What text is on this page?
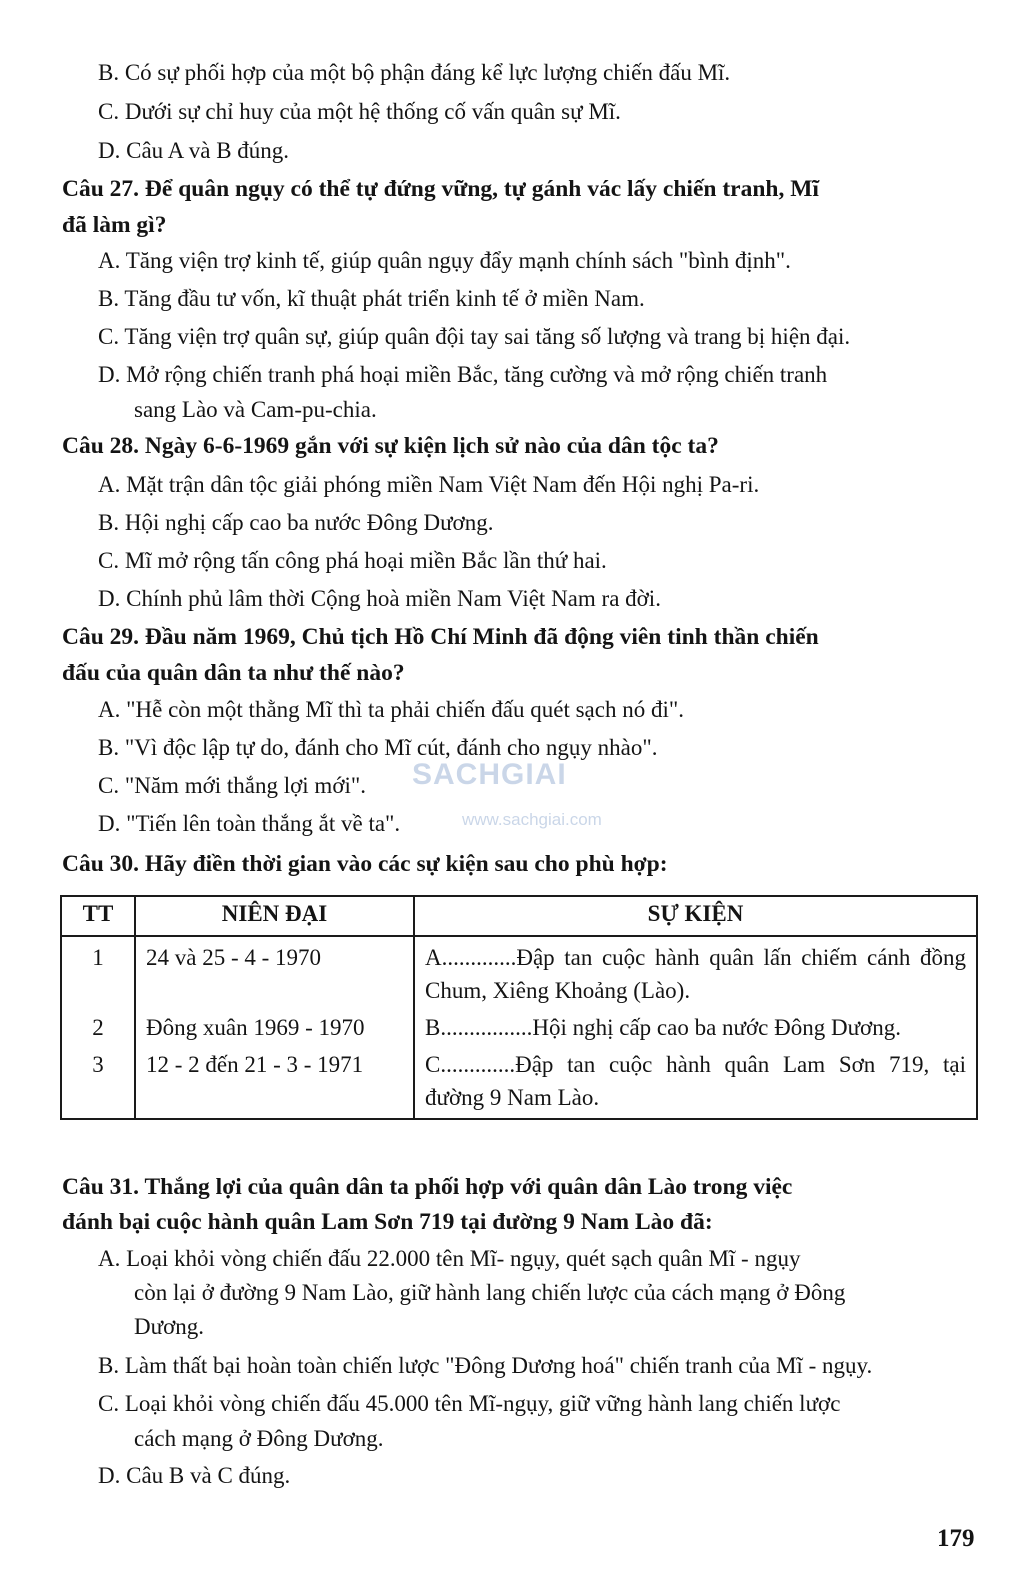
B. Có sự phối hợp của một bộ phận đáng kể lực lượng chiến đấu Mĩ.
C. Dưới sự chỉ huy của một hệ thống cố vấn quân sự Mĩ.
D. Câu A và B đúng.
Câu 27. Để quân ngụy có thể tự đứng vững, tự gánh vác lấy chiến tranh, Mĩ
đã làm gì?
A. Tăng viện trợ kinh tế, giúp quân ngụy đẩy mạnh chính sách "bình định".
B. Tăng đầu tư vốn, kĩ thuật phát triển kinh tế ở miền Nam.
C. Tăng viện trợ quân sự, giúp quân đội tay sai tăng số lượng và trang bị hiện đại.
D. Mở rộng chiến tranh phá hoại miền Bắc, tăng cường và mở rộng chiến tranh
sang Lào và Cam-pu-chia.
Câu 28. Ngày 6-6-1969 gắn với sự kiện lịch sử nào của dân tộc ta?
A. Mặt trận dân tộc giải phóng miền Nam Việt Nam đến Hội nghị Pa-ri.
B. Hội nghị cấp cao ba nước Đông Dương.
C. Mĩ mở rộng tấn công phá hoại miền Bắc lần thứ hai.
D. Chính phủ lâm thời Cộng hoà miền Nam Việt Nam ra đời.
Câu 29. Đầu năm 1969, Chủ tịch Hồ Chí Minh đã động viên tinh thần chiến
đấu của quân dân ta như thế nào?
A. "Hễ còn một thằng Mĩ thì ta phải chiến đấu quét sạch nó đi".
B. "Vì độc lập tự do, đánh cho Mĩ cút, đánh cho ngụy nhào".
C. "Năm mới thắng lợi mới".
D. "Tiến lên toàn thắng ắt về ta".
SACHGIAI
www.sachgiai.com
Câu 30. Hãy điền thời gian vào các sự kiện sau cho phù hợp:
TT	NIÊN ĐẠI	SỰ KIỆN
1	24 và 25 - 4 - 1970	A.............Đập tan cuộc hành quân lấn chiếm cánh đồng Chum, Xiêng Khoảng (Lào).
2	Đông xuân 1969 - 1970	B................Hội nghị cấp cao ba nước Đông Dương.
3	12 - 2 đến 21 - 3 - 1971	C.............Đập tan cuộc hành quân Lam Sơn 719, tại đường 9 Nam Lào.
Câu 31. Thắng lợi của quân dân ta phối hợp với quân dân Lào trong việc
đánh bại cuộc hành quân Lam Sơn 719 tại đường 9 Nam Lào đã:
A. Loại khỏi vòng chiến đấu 22.000 tên Mĩ- ngụy, quét sạch quân Mĩ - ngụy
còn lại ở đường 9 Nam Lào, giữ hành lang chiến lược của cách mạng ở Đông
Dương.
B. Làm thất bại hoàn toàn chiến lược "Đông Dương hoá" chiến tranh của Mĩ - ngụy.
C. Loại khỏi vòng chiến đấu 45.000 tên Mĩ-ngụy, giữ vững hành lang chiến lược
cách mạng ở Đông Dương.
D. Câu B và C đúng.
179
